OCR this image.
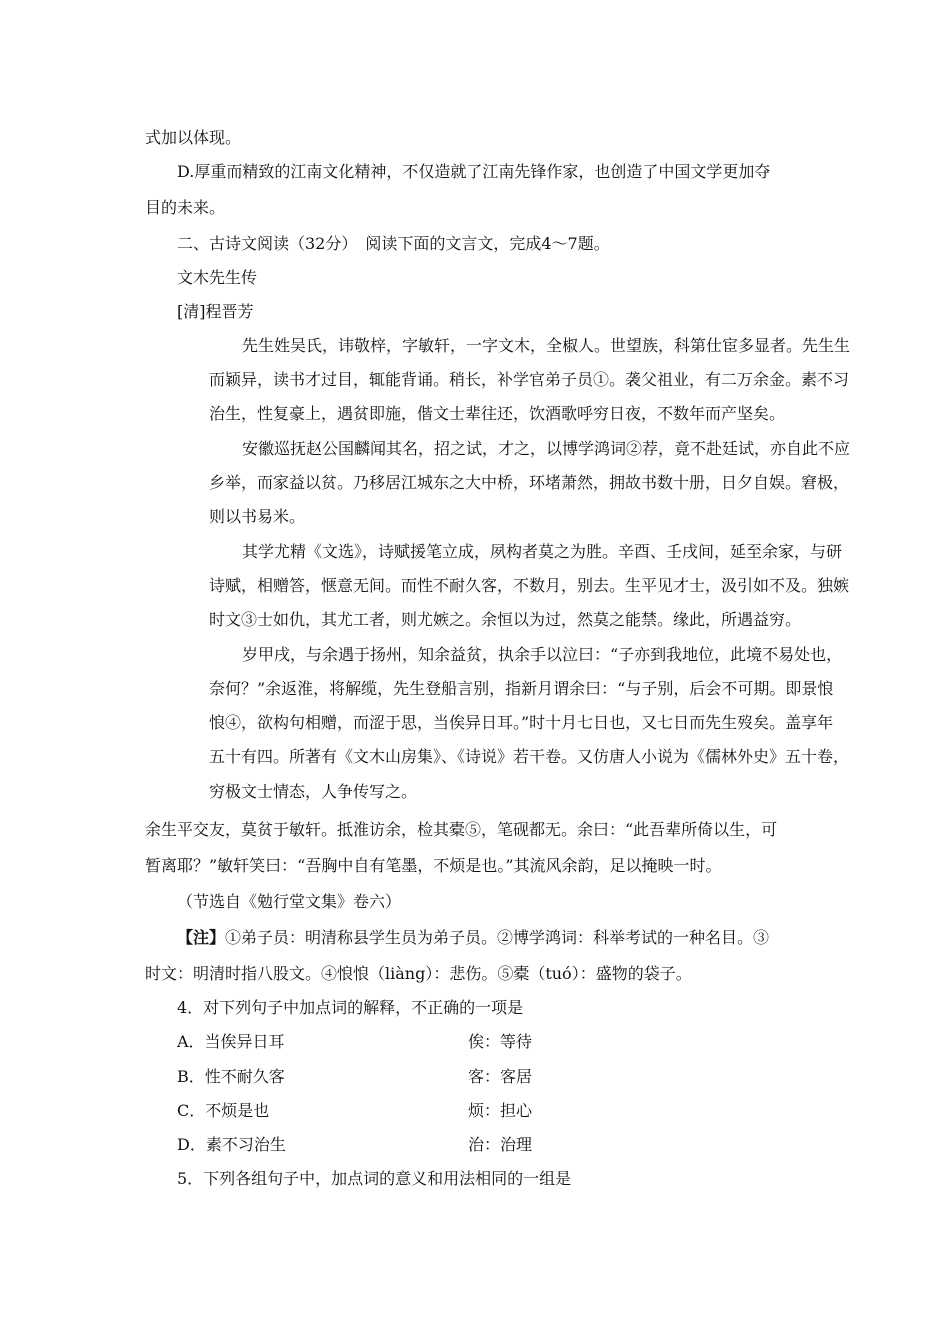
式加以体现。
D.厚重而精致的江南文化精神，不仅造就了江南先锋作家，也创造了中国文学更加夺
目的未来。
二、古诗文阅读（32分）　阅读下面的文言文，完成4～7题。
文木先生传
[清]程晋芳
先生姓吴氏，讳敬梓，字敏轩，一字文木，全椒人。世望族，科第仕宦多显者。先生生
而颖异，读书才过目，辄能背诵。稍长，补学官弟子员①。袭父祖业，有二万余金。素不习
治生，性复豪上，遇贫即施，偕文士辈往还，饮酒歌呼穷日夜，不数年而产坚矣。
安徽巡抚赵公国麟闻其名，招之试，才之，以博学鸿词②荐，竟不赴廷试，亦自此不应
乡举，而家益以贫。乃移居江城东之大中桥，环堵萧然，拥故书数十册，日夕自娱。窘极，
则以书易米。
其学尤精《文选》，诗赋援笔立成，夙构者莫之为胜。辛酉、壬戌间，延至余家，与研
诗赋，相赠答，惬意无间。而性不耐久客，不数月，别去。生平见才士，汲引如不及。独嫉
时文③士如仇，其尤工者，则尤嫉之。余恒以为过，然莫之能禁。缘此，所遇益穷。
岁甲戌，与余遇于扬州，知余益贫，执余手以泣曰：“子亦到我地位，此境不易处也，
奈何？”余返淮，将解缆，先生登船言别，指新月谓余曰：“与子别，后会不可期。即景悢
悢④，欲构句相赠，而涩于思，当俟异日耳。”时十月七日也，又七日而先生歿矣。盖享年
五十有四。所著有《文木山房集》、《诗说》若干卷。又仿唐人小说为《儒林外史》五十卷，
穷极文士情态，人争传写之。
余生平交友，莫贫于敏轩。抵淮访余，检其橐⑤，笔砚都无。余曰：“此吾辈所倚以生，可
暂离耶？”敏轩笑曰：“吾胸中自有笔墨，不烦是也。”其流风余韵，足以掩映一时。
（节选自《勉行堂文集》卷六）
【注】①弟子员：明清称县学生员为弟子员。②博学鸿词：科举考试的一种名目。③
时文：明清时指八股文。④悢悢（liàng）：悲伤。⑤橐（tuó）：盛物的袋子。
4．对下列句子中加点词的解释，不正确的一项是
A．当俟异日耳	俟：等待
B．性不耐久客	客：客居
C．不烦是也	烦：担心
D．素不习治生	治：治理
5．下列各组句子中，加点词的意义和用法相同的一组是
